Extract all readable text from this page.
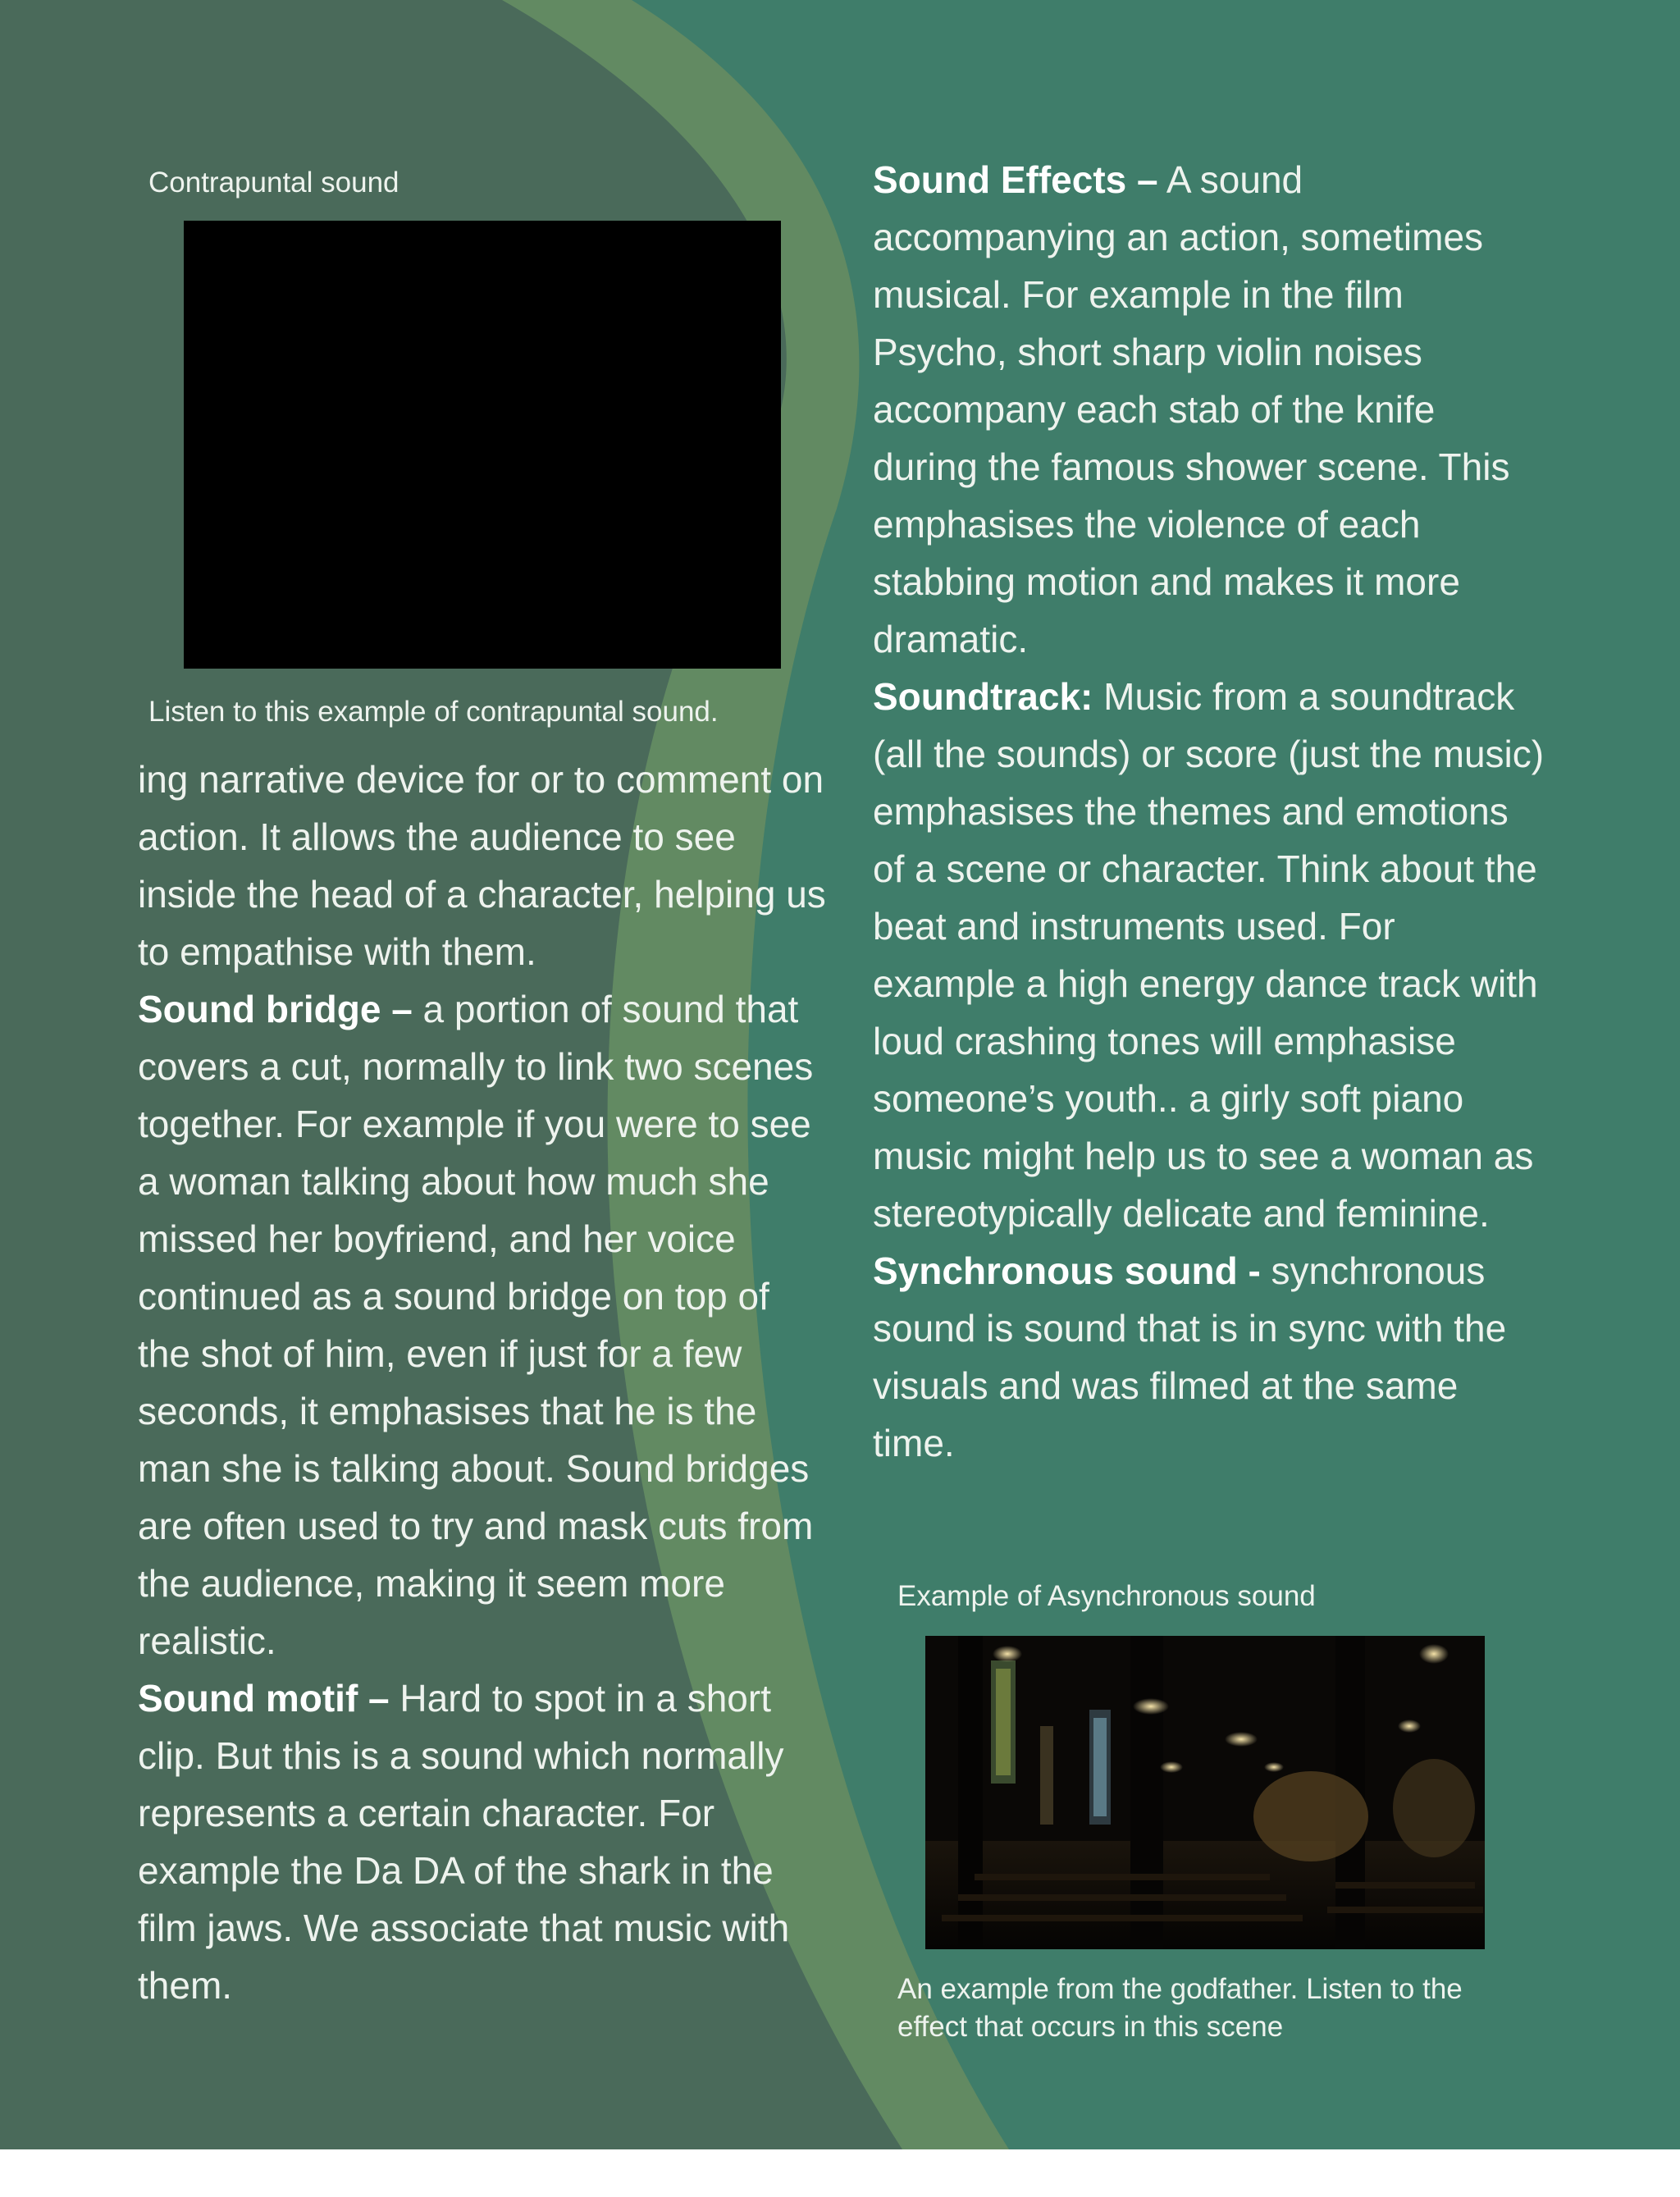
Contrapuntal sound
Listen to this example of contrapuntal sound.

ing narrative device for or to comment on action. It allows the audience to see inside the head of a character, helping us to empathise with them.

Sound bridge – a portion of sound that covers a cut, normally to link two scenes together. For example if you were to see a woman talking about how much she missed her boyfriend, and her voice continued as a sound bridge on top of the shot of him, even if just for a few seconds, it emphasises that he is the man she is talking about. Sound bridges are often used to try and mask cuts from the audience, making it seem more realistic.

Sound motif – Hard to spot in a short clip. But this is a sound which normally represents a certain character. For example the Da DA of the shark in the film jaws. We associate that music with them.

Sound Effects – A sound accompanying an action, sometimes musical. For example in the film Psycho, short sharp violin noises accompany each stab of the knife during the famous shower scene. This emphasises the violence of each stabbing motion and makes it more dramatic.

Soundtrack: Music from a soundtrack (all the sounds) or score (just the music) emphasises the themes and emotions of a scene or character. Think about the beat and instruments used. For example a high energy dance track with loud crashing tones will emphasise someone’s youth.. a girly soft piano music might help us to see a woman as stereotypically delicate and feminine.

Synchronous sound - synchronous sound is sound that is in sync with the visuals and was filmed at the same time.

Example of Asynchronous sound
An example from the godfather. Listen to the effect that occurs in this scene
